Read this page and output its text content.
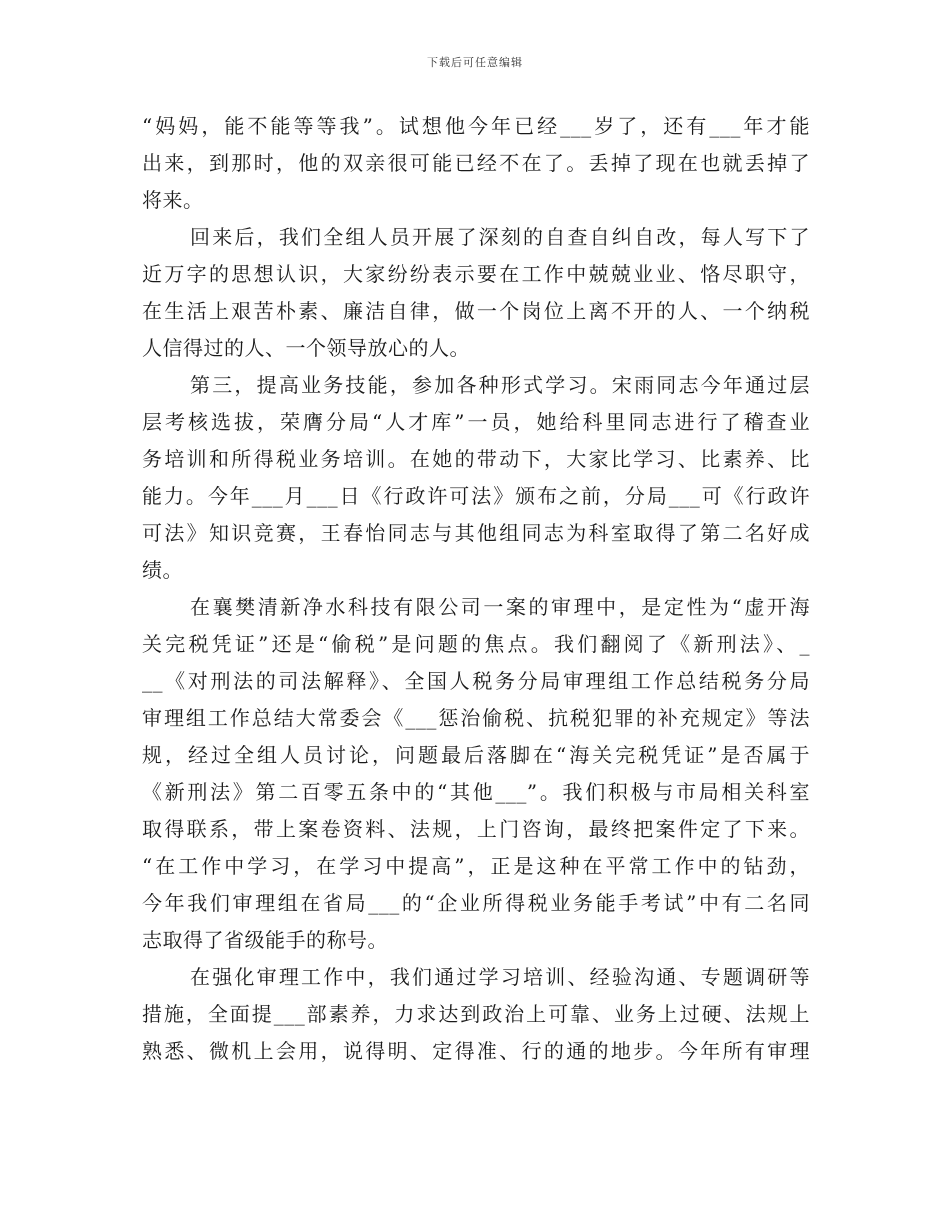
下载后可任意编辑
“妈妈，能不能等等我”。试想他今年已经___岁了，还有___年才能
出来，到那时，他的双亲很可能已经不在了。丢掉了现在也就丢掉了
将来。
回来后，我们全组人员开展了深刻的自查自纠自改，每人写下了
近万字的思想认识，大家纷纷表示要在工作中兢兢业业、恪尽职守，
在生活上艰苦朴素、廉洁自律，做一个岗位上离不开的人、一个纳税
人信得过的人、一个领导放心的人。
第三，提高业务技能，参加各种形式学习。宋雨同志今年通过层
层考核选拔，荣膺分局“人才库”一员，她给科里同志进行了稽查业
务培训和所得税业务培训。在她的带动下，大家比学习、比素养、比
能力。今年___月___日《行政许可法》颁布之前，分局___可《行政许
可法》知识竞赛，王春怡同志与其他组同志为科室取得了第二名好成
绩。
在襄樊清新净水科技有限公司一案的审理中，是定性为“虚开海
关完税凭证”还是“偷税”是问题的焦点。我们翻阅了《新刑法》、_
__《对刑法的司法解释》、全国人税务分局审理组工作总结税务分局
审理组工作总结大常委会《___惩治偷税、抗税犯罪的补充规定》等法
规，经过全组人员讨论，问题最后落脚在“海关完税凭证”是否属于
《新刑法》第二百零五条中的“其他___”。我们积极与市局相关科室
取得联系，带上案卷资料、法规，上门咨询，最终把案件定了下来。
“在工作中学习，在学习中提高”，正是这种在平常工作中的钻劲，
今年我们审理组在省局___的“企业所得税业务能手考试”中有二名同
志取得了省级能手的称号。
在强化审理工作中，我们通过学习培训、经验沟通、专题调研等
措施，全面提___部素养，力求达到政治上可靠、业务上过硬、法规上
熟悉、微机上会用，说得明、定得准、行的通的地步。今年所有审理
